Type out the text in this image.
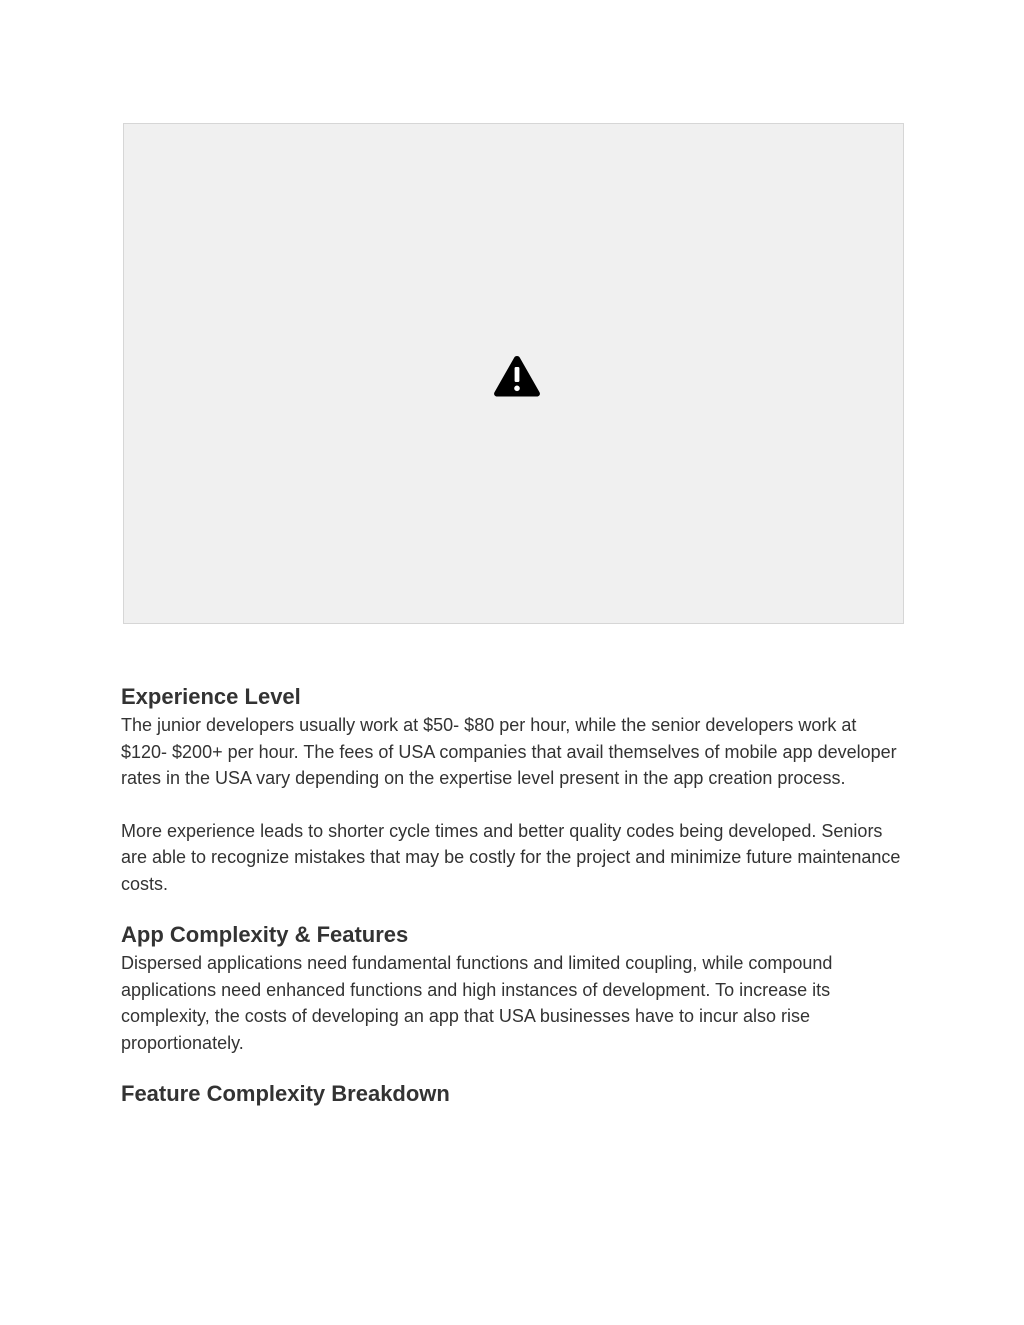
Experience Level

The junior developers usually work at $50- $80 per hour, while the senior developers work at $120- $200+ per hour. The fees of USA companies that avail themselves of mobile app developer rates in the USA vary depending on the expertise level present in the app creation process.

More experience leads to shorter cycle times and better quality codes being developed. Seniors are able to recognize mistakes that may be costly for the project and minimize future maintenance costs.

App Complexity & Features

Dispersed applications need fundamental functions and limited coupling, while compound applications need enhanced functions and high instances of development. To increase its complexity, the costs of developing an app that USA businesses have to incur also rise proportionately.

Feature Complexity Breakdown
